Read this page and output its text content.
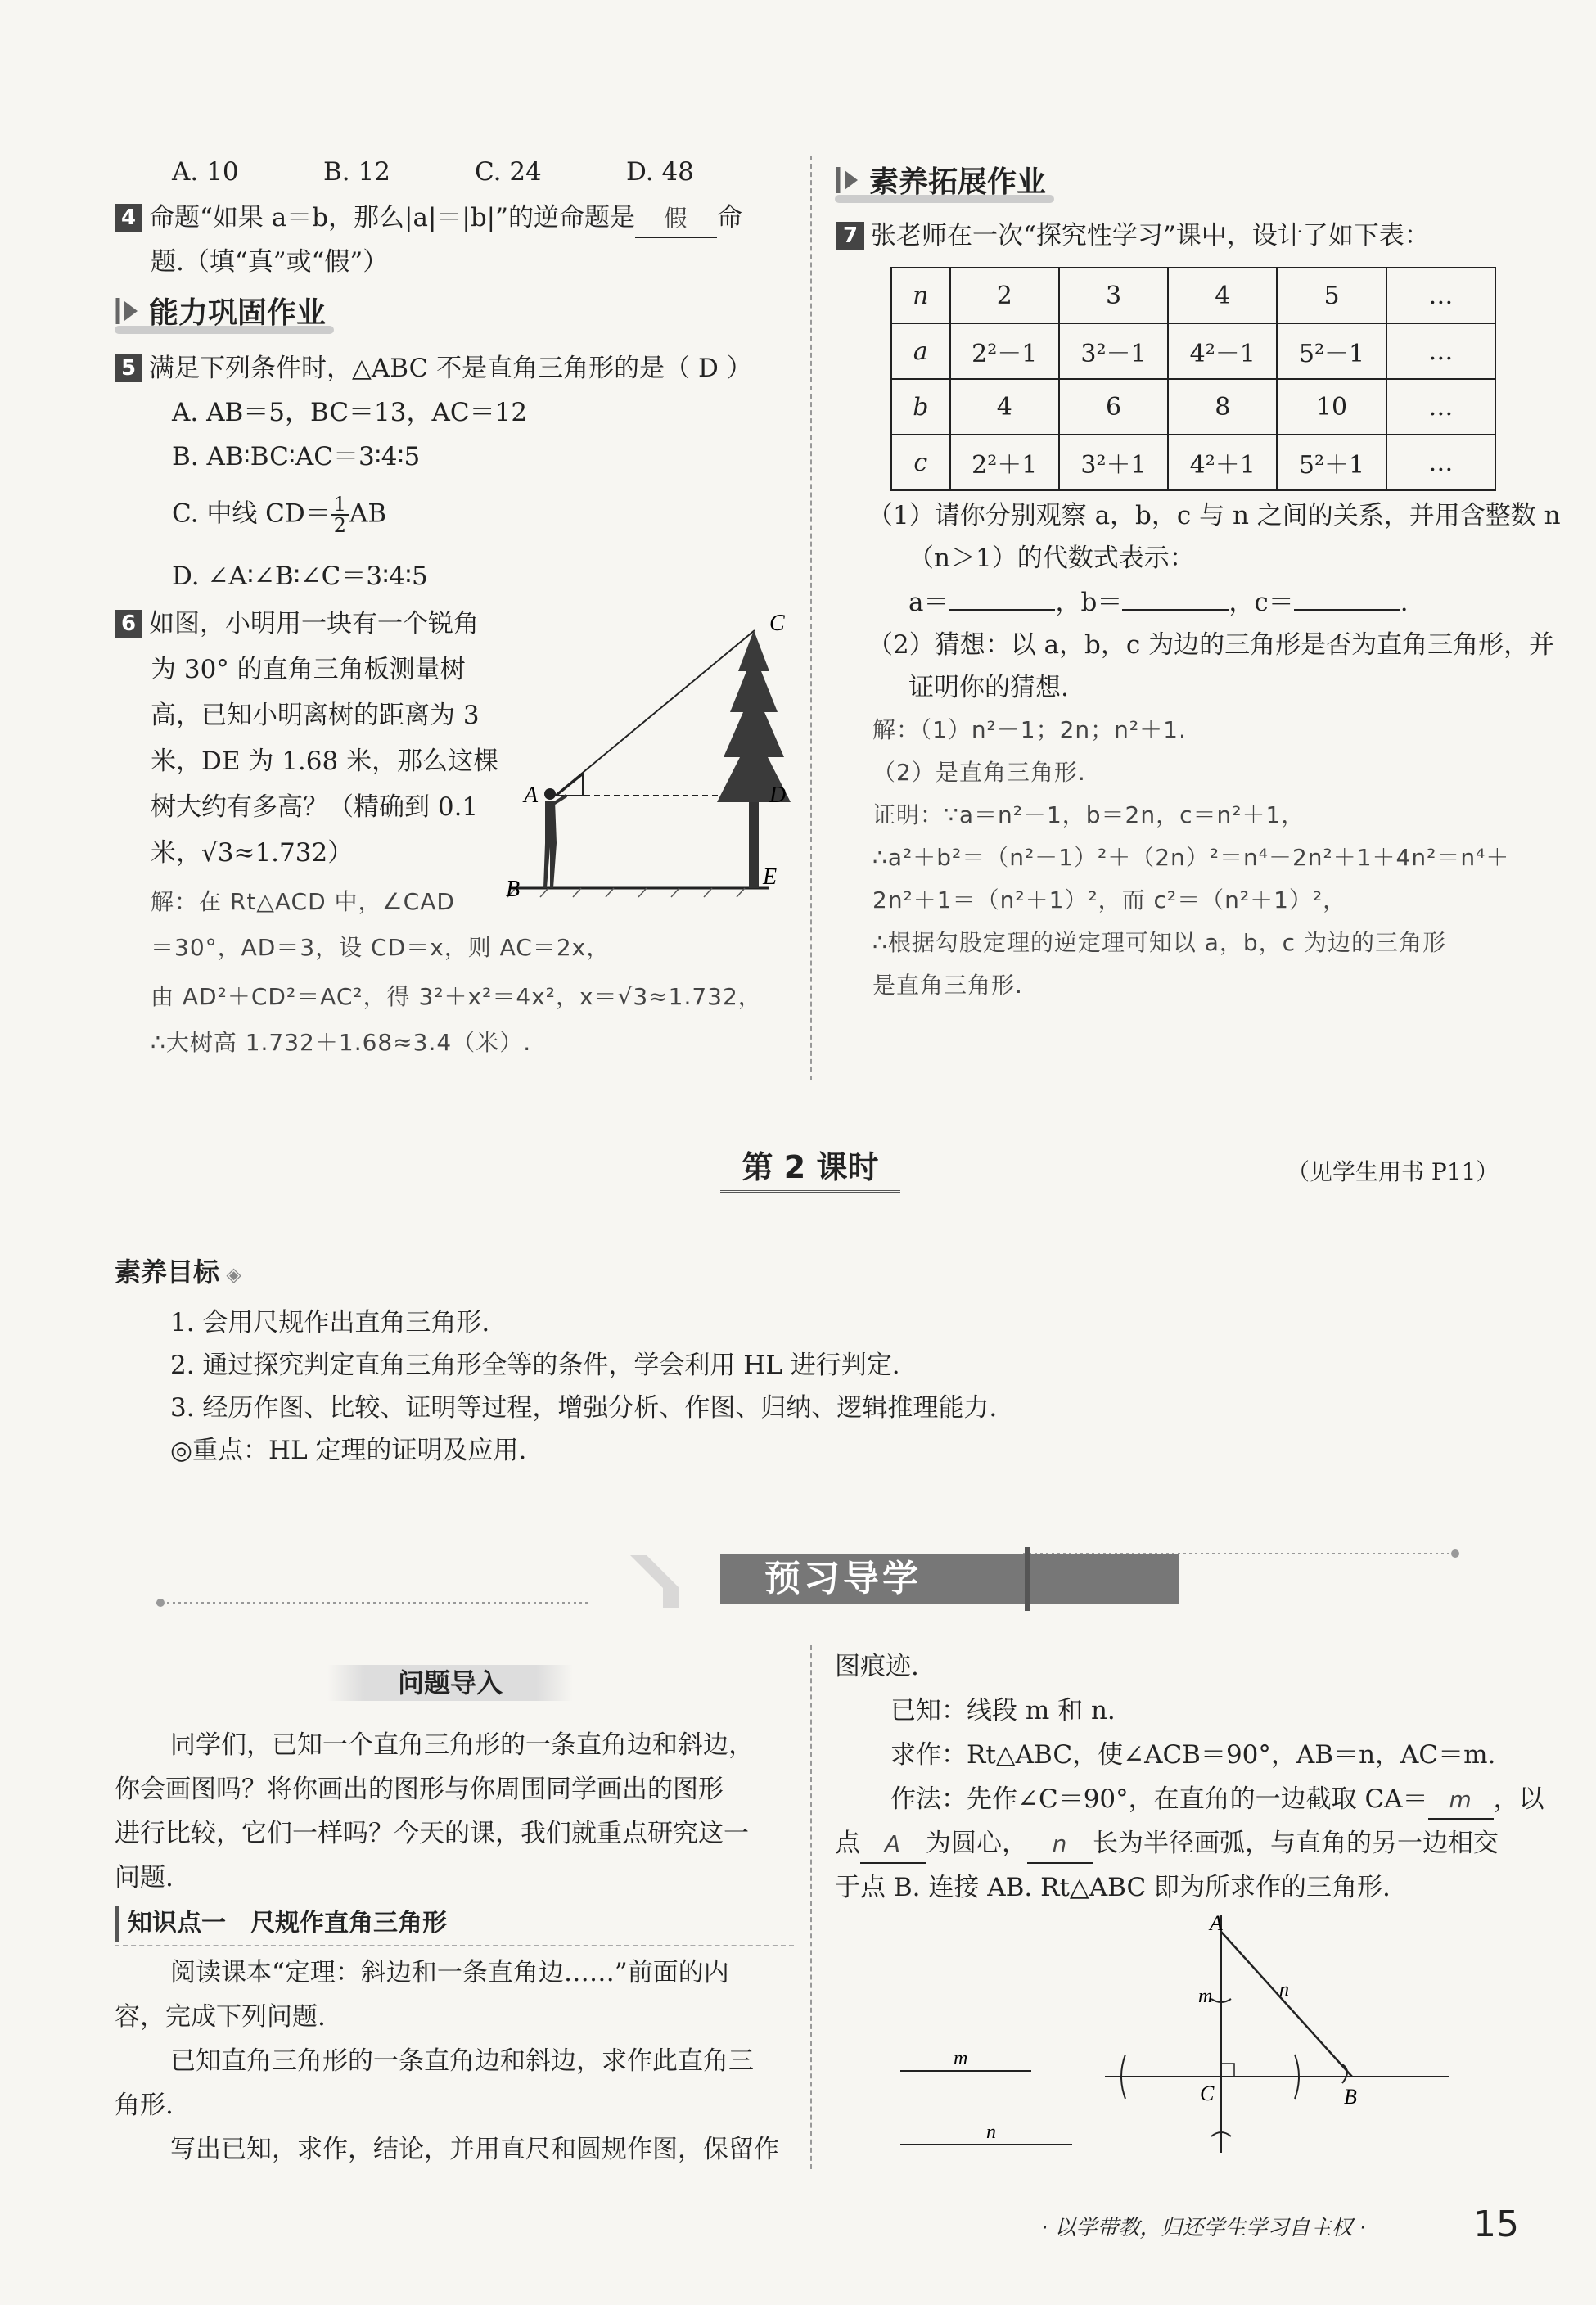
A. 10	B. 12	C. 24	D. 48
4 命题“如果 a＝b，那么|a|＝|b|”的逆命题是 假 命
题.（填“真”或“假”）
能力巩固作业
5 满足下列条件时，△ABC 不是直角三角形的是（ D ）
A. AB＝5，BC＝13，AC＝12
B. AB∶BC∶AC＝3∶4∶5
C. 中线 $CD= \frac{1}{2}$ AB
D. ∠A∶∠B∶∠C＝3∶4∶5
6 如图，小明用一块有一个锐角
为 30° 的直角三角板测量树
高，已知小明离树的距离为 3
米，DE 为 1.68 米，那么这棵
树大约有多高？（精确到 0.1
米，√3≈1.732）
C
A	D
B	E
解：在 Rt△ACD 中，∠CAD
＝30°，AD＝3，设 CD＝x，则 AC＝2x，
由 AD²＋CD²＝AC²，得 3²＋x²＝4x²，x＝√3≈1.732，
∴大树高 1.732＋1.68≈3.4（米）.
素养拓展作业
7 张老师在一次“探究性学习”课中，设计了如下表：
n	2	3	4	5	…
a	2²－1	3²－1	4²－1	5²－1	…
b	4	6	8	10	…
c	2²＋1	3²＋1	4²＋1	5²＋1	…
（1）请你分别观察 a，b，c 与 n 之间的关系，并用含整数 n
（n＞1）的代数式表示：
a＝	，b＝	，c＝	.
（2）猜想：以 a，b，c 为边的三角形是否为直角三角形，并
证明你的猜想.
解：（1）n²－1；2n；n²＋1.
（2）是直角三角形.
证明：∵a＝n²－1，b＝2n，c＝n²＋1，
∴a²＋b²＝（n²－1）²＋（2n）²＝n⁴－2n²＋1＋4n²＝n⁴＋
2n²＋1＝（n²＋1）²，而 c²＝（n²＋1）²，
∴根据勾股定理的逆定理可知以 a，b，c 为边的三角形
是直角三角形.
第 2 课时	（见学生用书 P11）
素养目标 ◈
1. 会用尺规作出直角三角形.
2. 通过探究判定直角三角形全等的条件，学会利用 HL 进行判定.
3. 经历作图、比较、证明等过程，增强分析、作图、归纳、逻辑推理能力.
◎重点：HL 定理的证明及应用.
预习导学
问题导入
同学们，已知一个直角三角形的一条直角边和斜边，
你会画图吗？将你画出的图形与你周围同学画出的图形
进行比较，它们一样吗？今天的课，我们就重点研究这一
问题.
知识点一　尺规作直角三角形
阅读课本“定理：斜边和一条直角边……”前面的内
容，完成下列问题.
已知直角三角形的一条直角边和斜边，求作此直角三
角形.
写出已知，求作，结论，并用直尺和圆规作图，保留作
图痕迹.
已知：线段 m 和 n.
求作：Rt△ABC，使∠ACB＝90°，AB＝n，AC＝m.
作法：先作∠C＝90°，在直角的一边截取 CA＝ m ，以
点 A 为圆心， n 长为半径画弧，与直角的另一边相交
于点 B. 连接 AB. Rt△ABC 即为所求作的三角形.
A
m	n
C	B
m
n
· 以学带教，归还学生学习自主权 ·	15
